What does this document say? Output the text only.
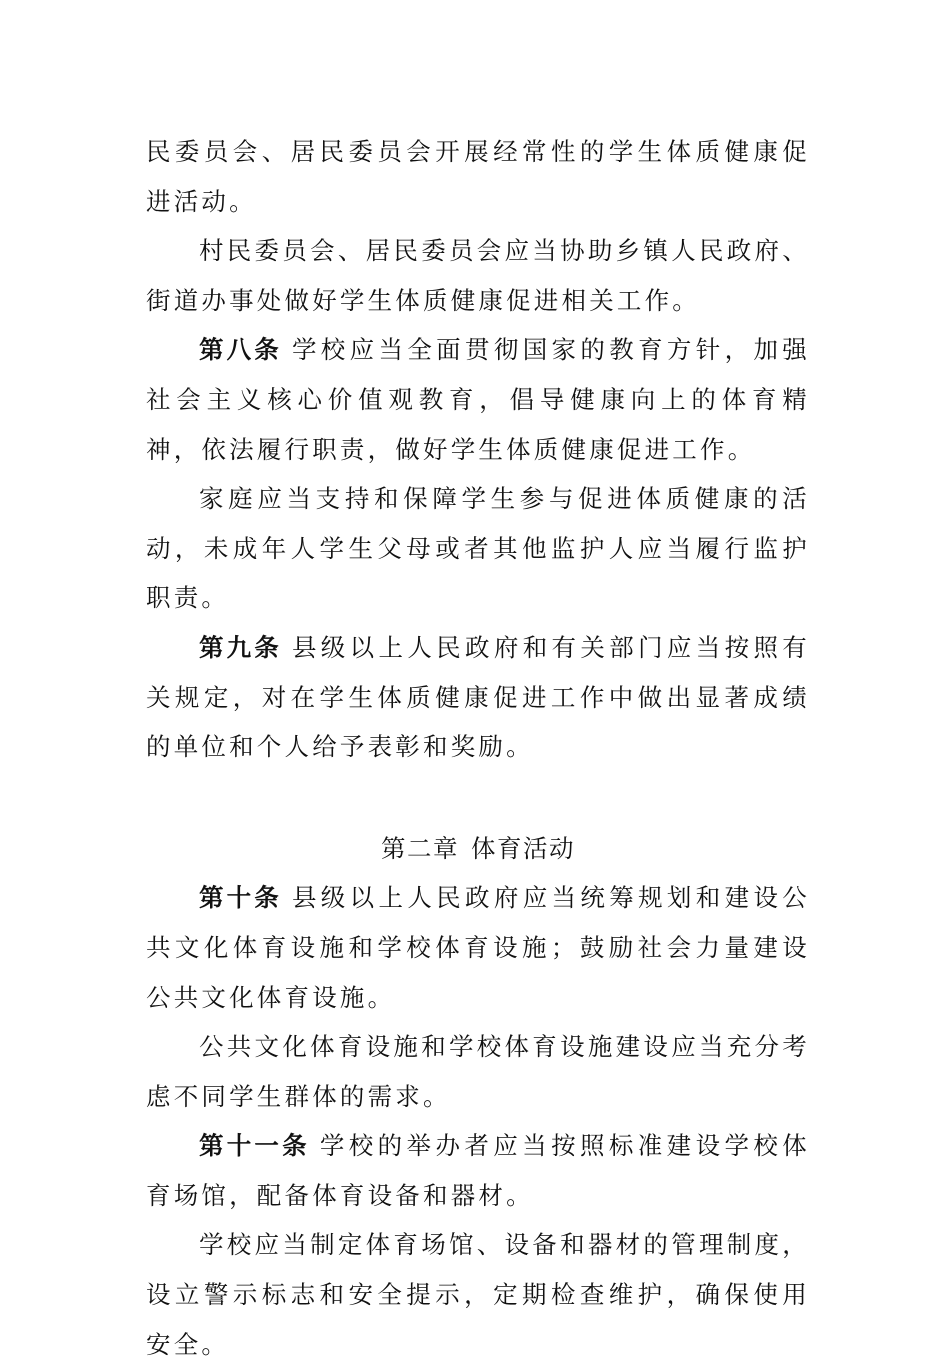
民委员会、居民委员会开展经常性的学生体质健康促进活动。

村民委员会、居民委员会应当协助乡镇人民政府、街道办事处做好学生体质健康促进相关工作。

第八条 学校应当全面贯彻国家的教育方针，加强社会主义核心价值观教育，倡导健康向上的体育精神，依法履行职责，做好学生体质健康促进工作。

家庭应当支持和保障学生参与促进体质健康的活动，未成年人学生父母或者其他监护人应当履行监护职责。

第九条 县级以上人民政府和有关部门应当按照有关规定，对在学生体质健康促进工作中做出显著成绩的单位和个人给予表彰和奖励。

第二章 体育活动

第十条 县级以上人民政府应当统筹规划和建设公共文化体育设施和学校体育设施；鼓励社会力量建设公共文化体育设施。

公共文化体育设施和学校体育设施建设应当充分考虑不同学生群体的需求。

第十一条 学校的举办者应当按照标准建设学校体育场馆，配备体育设备和器材。

学校应当制定体育场馆、设备和器材的管理制度，设立警示标志和安全提示，定期检查维护，确保使用安全。
